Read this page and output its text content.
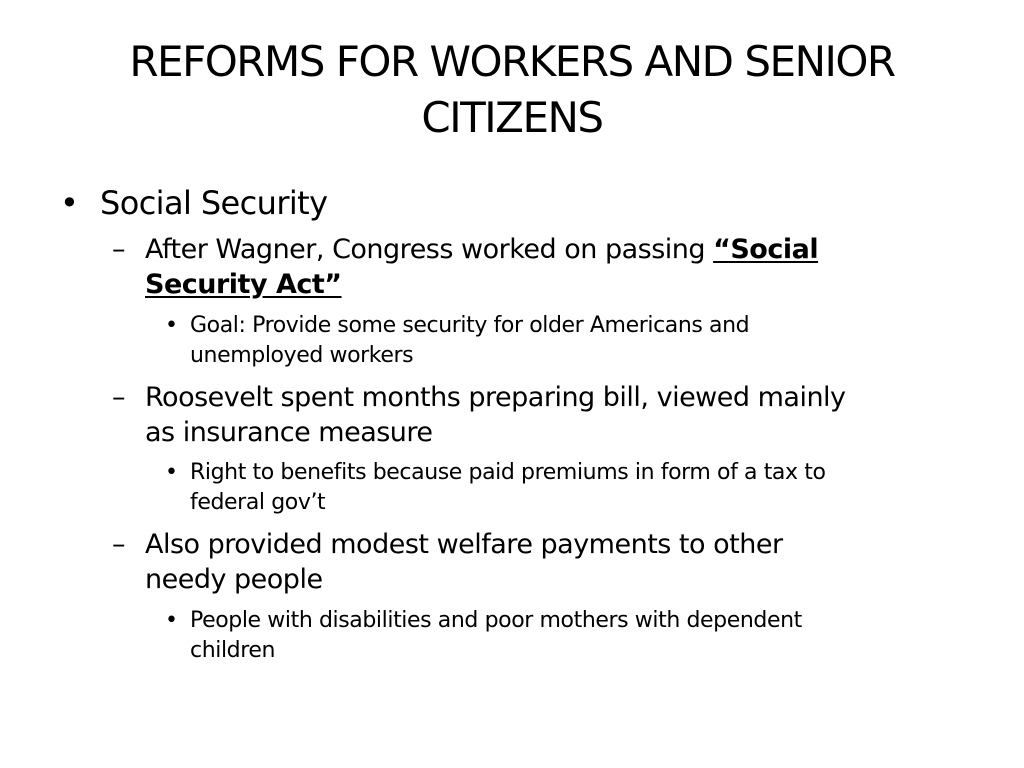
REFORMS FOR WORKERS AND SENIOR
CITIZENS
• Social Security

– After Wagner, Congress worked on passing “Social
Security Act”

• Goal: Provide some security for older Americans and
unemployed workers

– Roosevelt spent months preparing bill, viewed mainly
as insurance measure

• Right to benefits because paid premiums in form of a tax to
federal gov’t

– Also provided modest welfare payments to other
needy people

• People with disabilities and poor mothers with dependent
children
